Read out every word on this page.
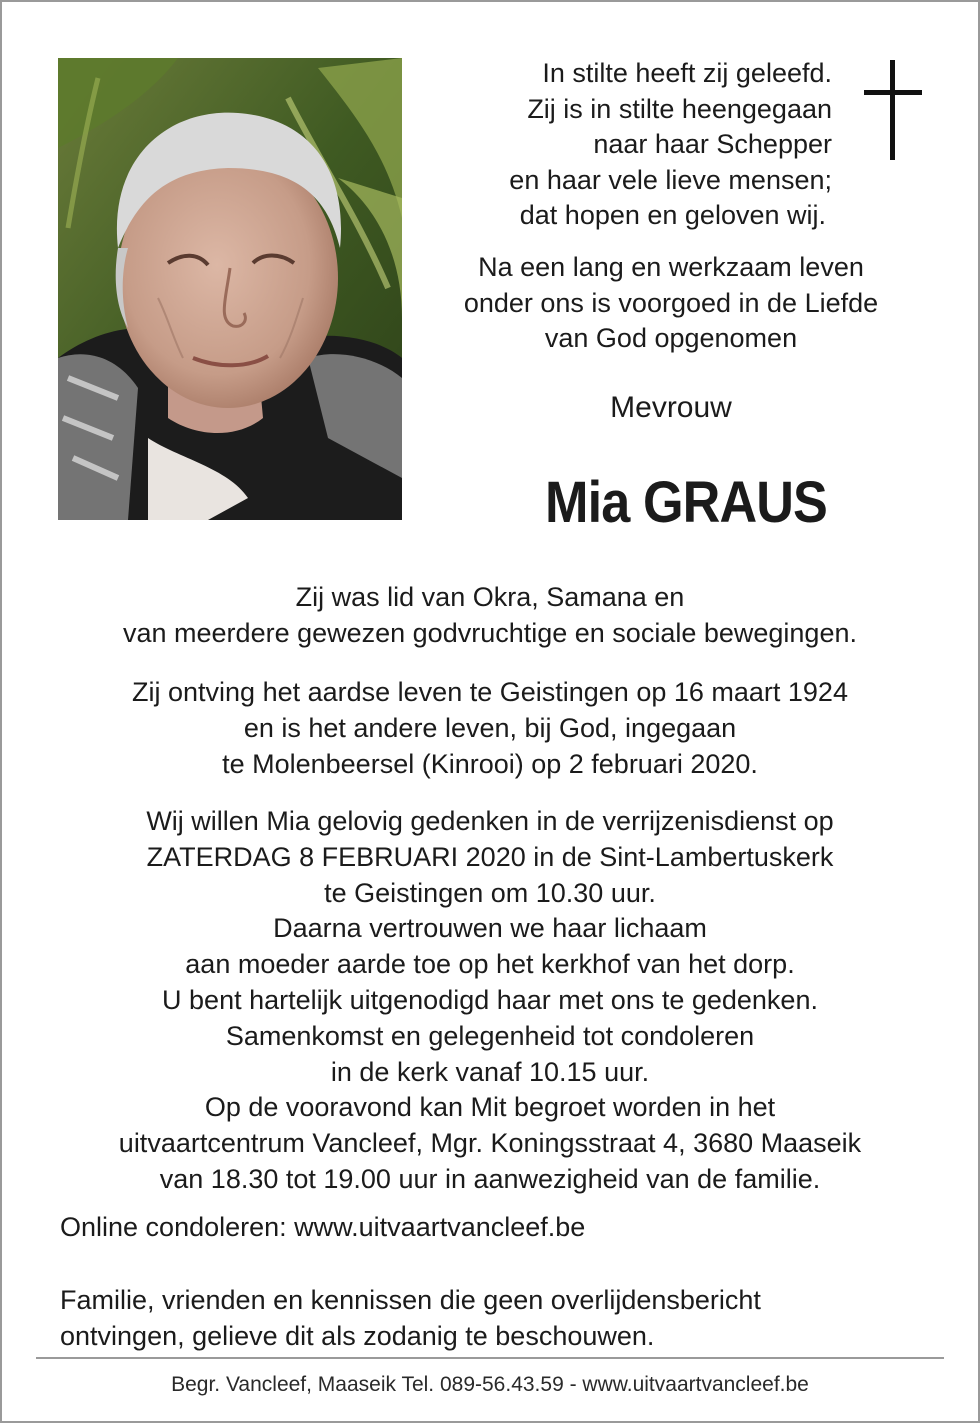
In stilte heeft zij geleefd.
Zij is in stilte heengegaan
naar haar Schepper
en haar vele lieve mensen;
dat hopen en geloven wij.
Na een lang en werkzaam leven
onder ons is voorgoed in de Liefde
van God opgenomen
Mevrouw
Mia GRAUS
Zij was lid van Okra, Samana en
van meerdere gewezen godvruchtige en sociale bewegingen.
Zij ontving het aardse leven te Geistingen op 16 maart 1924
en is het andere leven, bij God, ingegaan
te Molenbeersel (Kinrooi) op 2 februari 2020.
Wij willen Mia gelovig gedenken in de verrijzenisdienst op
ZATERDAG 8 FEBRUARI 2020 in de Sint-Lambertuskerk
te Geistingen om 10.30 uur.
Daarna vertrouwen we haar lichaam
aan moeder aarde toe op het kerkhof van het dorp.
U bent hartelijk uitgenodigd haar met ons te gedenken.
Samenkomst en gelegenheid tot condoleren
in de kerk vanaf 10.15 uur.
Op de vooravond kan Mit begroet worden in het
uitvaartcentrum Vancleef, Mgr. Koningsstraat 4, 3680 Maaseik
van 18.30 tot 19.00 uur in aanwezigheid van de familie.
Online condoleren: www.uitvaartvancleef.be
Familie, vrienden en kennissen die geen overlijdensbericht
ontvingen, gelieve dit als zodanig te beschouwen.
Begr. Vancleef, Maaseik Tel. 089-56.43.59 - www.uitvaartvancleef.be
